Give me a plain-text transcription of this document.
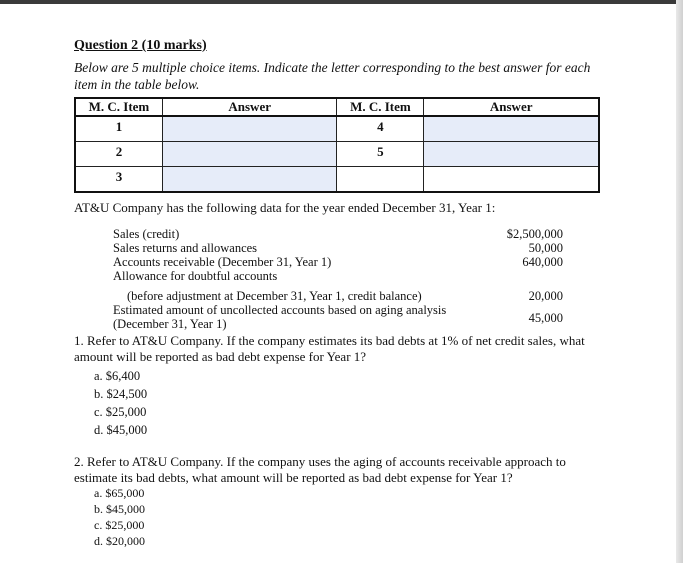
Question 2 (10 marks)
Below are 5 multiple choice items. Indicate the letter corresponding to the best answer for each item in the table below.
M. C. Item	Answer	M. C. Item	Answer
1		4	
2		5	
3			
AT&U Company has the following data for the year ended December 31, Year 1:
Sales (credit)	$2,500,000
Sales returns and allowances	50,000
Accounts receivable (December 31, Year 1)	640,000
Allowance for doubtful accounts
(before adjustment at December 31, Year 1, credit balance)	20,000
Estimated amount of uncollected accounts based on aging analysis
(December 31, Year 1)	45,000
1. Refer to AT&U Company. If the company estimates its bad debts at 1% of net credit sales, what amount will be reported as bad debt expense for Year 1?
a. $6,400
b. $24,500
c. $25,000
d. $45,000
2. Refer to AT&U Company. If the company uses the aging of accounts receivable approach to estimate its bad debts, what amount will be reported as bad debt expense for Year 1?
a. $65,000
b. $45,000
c. $25,000
d. $20,000
